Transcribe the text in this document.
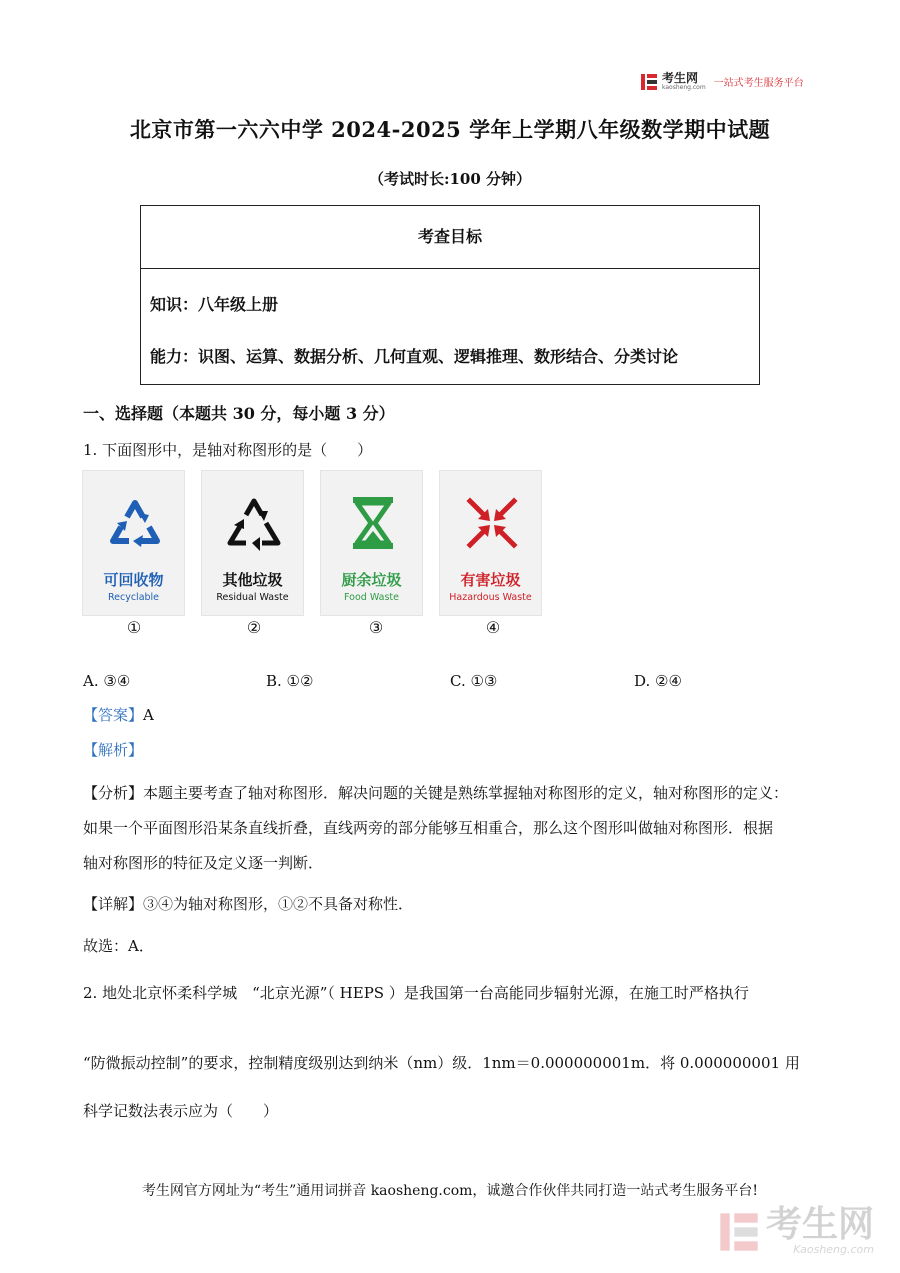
考生网
kaosheng.com 一站式考生服务平台
北京市第一六六中学 2024-2025 学年上学期八年级数学期中试题
（考试时长:100 分钟）
考查目标
知识：八年级上册
能力：识图、运算、数据分析、几何直观、逻辑推理、数形结合、分类讨论
一、选择题（本题共 30 分，每小题 3 分）
1. 下面图形中，是轴对称图形的是（　　）
可回收物
Recyclable
其他垃圾
Residual Waste
厨余垃圾
Food Waste
有害垃圾
Hazardous Waste
①	②	③	④
A. ③④	B. ①②	C. ①③	D. ②④
【答案】A
【解析】
【分析】本题主要考查了轴对称图形．解决问题的关键是熟练掌握轴对称图形的定义，轴对称图形的定义：
如果一个平面图形沿某条直线折叠，直线两旁的部分能够互相重合，那么这个图形叫做轴对称图形．根据
轴对称图形的特征及定义逐一判断．
【详解】③④为轴对称图形，①②不具备对称性．
故选：A．
2. 地处北京怀柔科学城　“北京光源”（ HEPS ）是我国第一台高能同步辐射光源，在施工时严格执行
“防微振动控制”的要求，控制精度级别达到纳米（nm）级．1nm＝0.000000001m．将 0.000000001 用
科学记数法表示应为（　　）
考生网官方网址为“考生”通用词拼音 kaosheng.com，诚邀合作伙伴共同打造一站式考生服务平台!
考生网
Kaosheng.com
